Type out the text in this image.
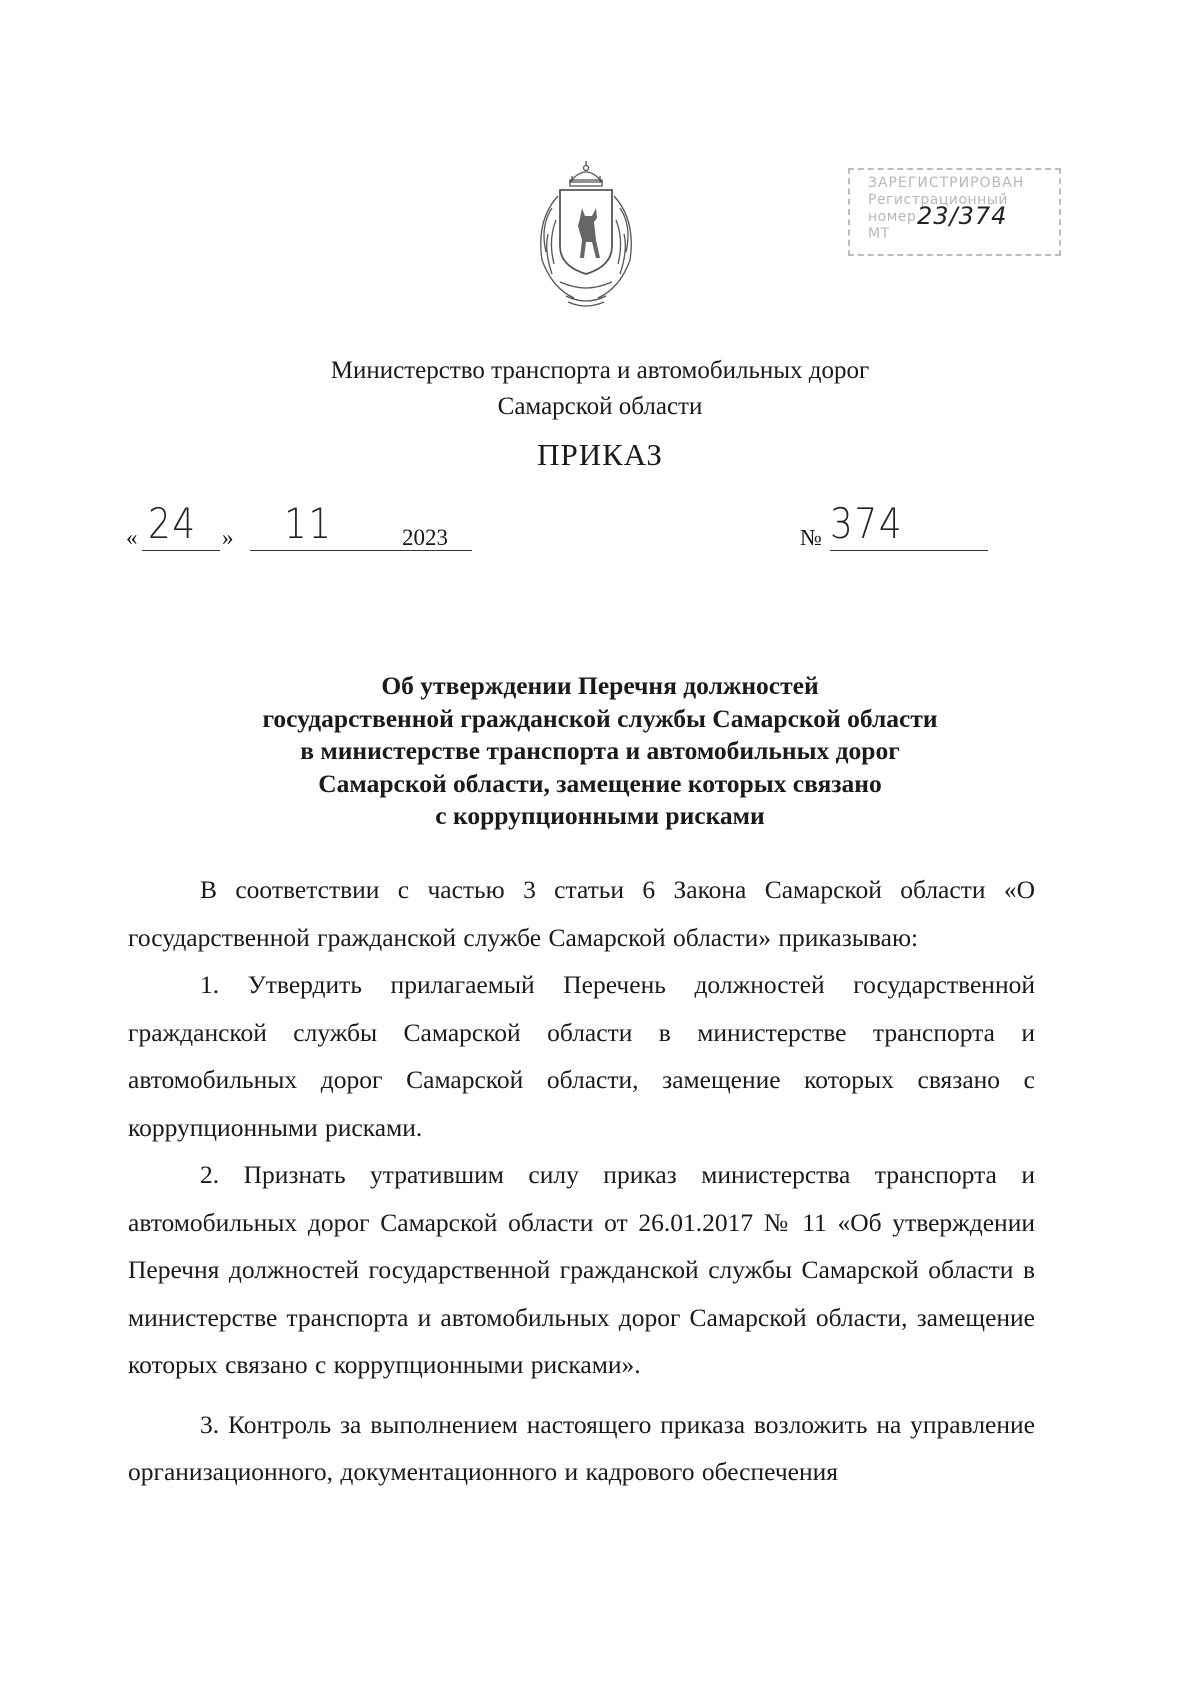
ЗАРЕГИСТРИРОВАН
Регистрационный номер
МТ
23/374
Министерство транспорта и автомобильных дорог
Самарской области
ПРИКАЗ
« 24 » 11	2023	№ 374
Об утверждении Перечня должностей
государственной гражданской службы Самарской области
в министерстве транспорта и автомобильных дорог
Самарской области, замещение которых связано
с коррупционными рисками

В соответствии с частью 3 статьи 6 Закона Самарской области «О государственной гражданской службе Самарской области» приказываю:

1. Утвердить прилагаемый Перечень должностей государственной гражданской службы Самарской области в министерстве транспорта и автомобильных дорог Самарской области, замещение которых связано с коррупционными рисками.

2. Признать утратившим силу приказ министерства транспорта и автомобильных дорог Самарской области от 26.01.2017 № 11 «Об утверждении Перечня должностей государственной гражданской службы Самарской области в министерстве транспорта и автомобильных дорог Самарской области, замещение которых связано с коррупционными рисками».

3. Контроль за выполнением настоящего приказа возложить на управление организационного, документационного и кадрового обеспечения
